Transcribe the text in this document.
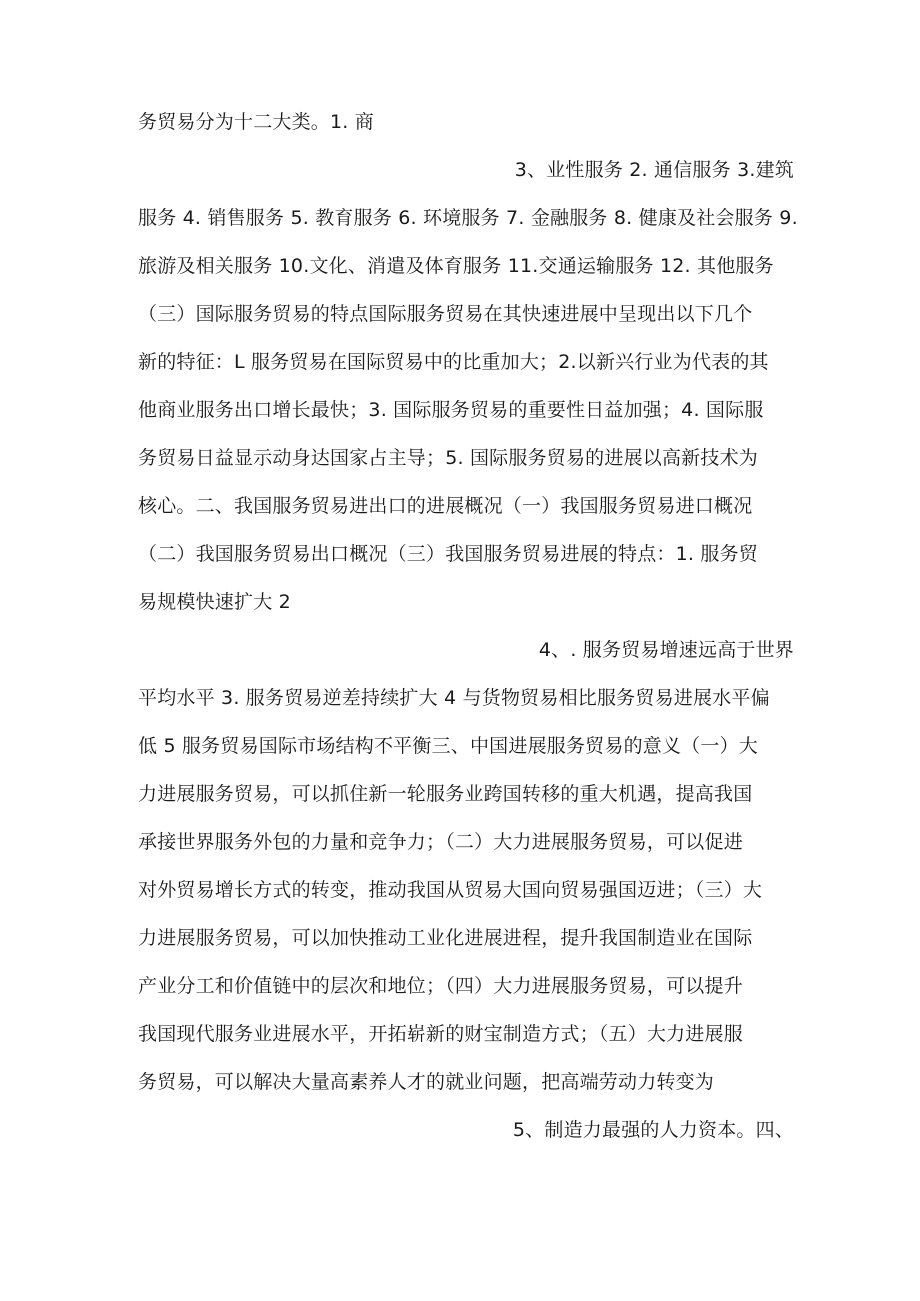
务贸易分为十二大类。1. 商
3、业性服务 2. 通信服务 3.建筑
服务 4. 销售服务 5. 教育服务 6. 环境服务 7. 金融服务 8. 健康及社会服务 9.
旅游及相关服务 10.文化、消遣及体育服务 11.交通运输服务 12. 其他服务
（三）国际服务贸易的特点国际服务贸易在其快速进展中呈现出以下几个
新的特征：L 服务贸易在国际贸易中的比重加大；2.以新兴行业为代表的其
他商业服务出口增长最快；3. 国际服务贸易的重要性日益加强；4. 国际服
务贸易日益显示动身达国家占主导；5. 国际服务贸易的进展以高新技术为
核心。二、我国服务贸易进出口的进展概况（一）我国服务贸易进口概况
（二）我国服务贸易出口概况（三）我国服务贸易进展的特点：1. 服务贸
易规模快速扩大 2
4、. 服务贸易增速远高于世界
平均水平 3. 服务贸易逆差持续扩大 4 与货物贸易相比服务贸易进展水平偏
低 5 服务贸易国际市场结构不平衡三、中国进展服务贸易的意义（一）大
力进展服务贸易，可以抓住新一轮服务业跨国转移的重大机遇，提高我国
承接世界服务外包的力量和竞争力；（二）大力进展服务贸易，可以促进
对外贸易增长方式的转变，推动我国从贸易大国向贸易强国迈进；（三）大
力进展服务贸易，可以加快推动工业化进展进程，提升我国制造业在国际
产业分工和价值链中的层次和地位；（四）大力进展服务贸易，可以提升
我国现代服务业进展水平，开拓崭新的财宝制造方式；（五）大力进展服
务贸易，可以解决大量高素养人才的就业问题，把高端劳动力转变为
5、制造力最强的人力资本。四、
